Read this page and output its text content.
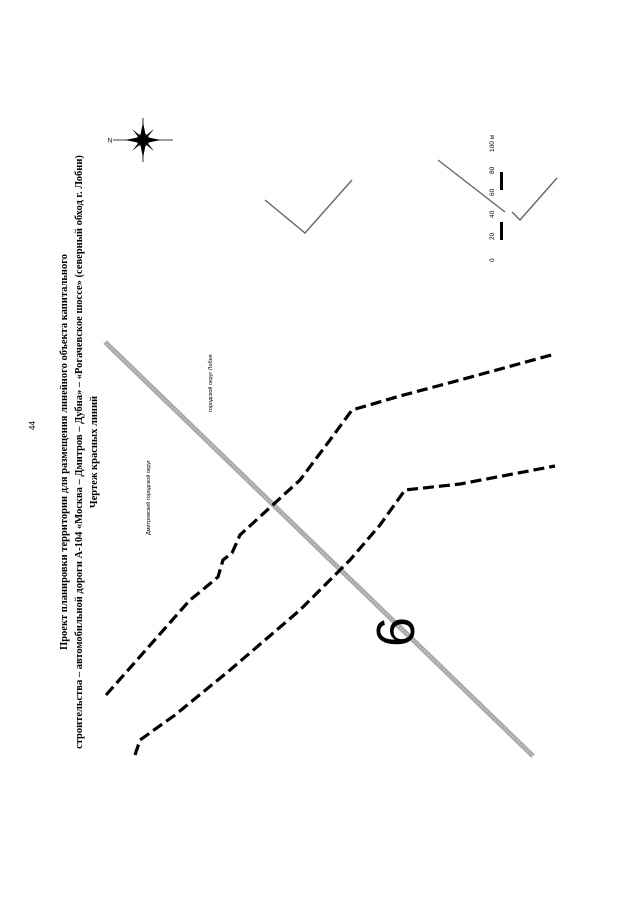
44 Проект планировки территории для размещения линейного объекта капитального строительства – автомобильной дороги А-104 «Москва – Дмитров – Дубна» – «Рогачевское шоссе» (северный обход г. Лобни) Чертеж красных линий	Дмитровский городской округ
городской округ Лобня
6
N
0
20
40
60
80
100 м
